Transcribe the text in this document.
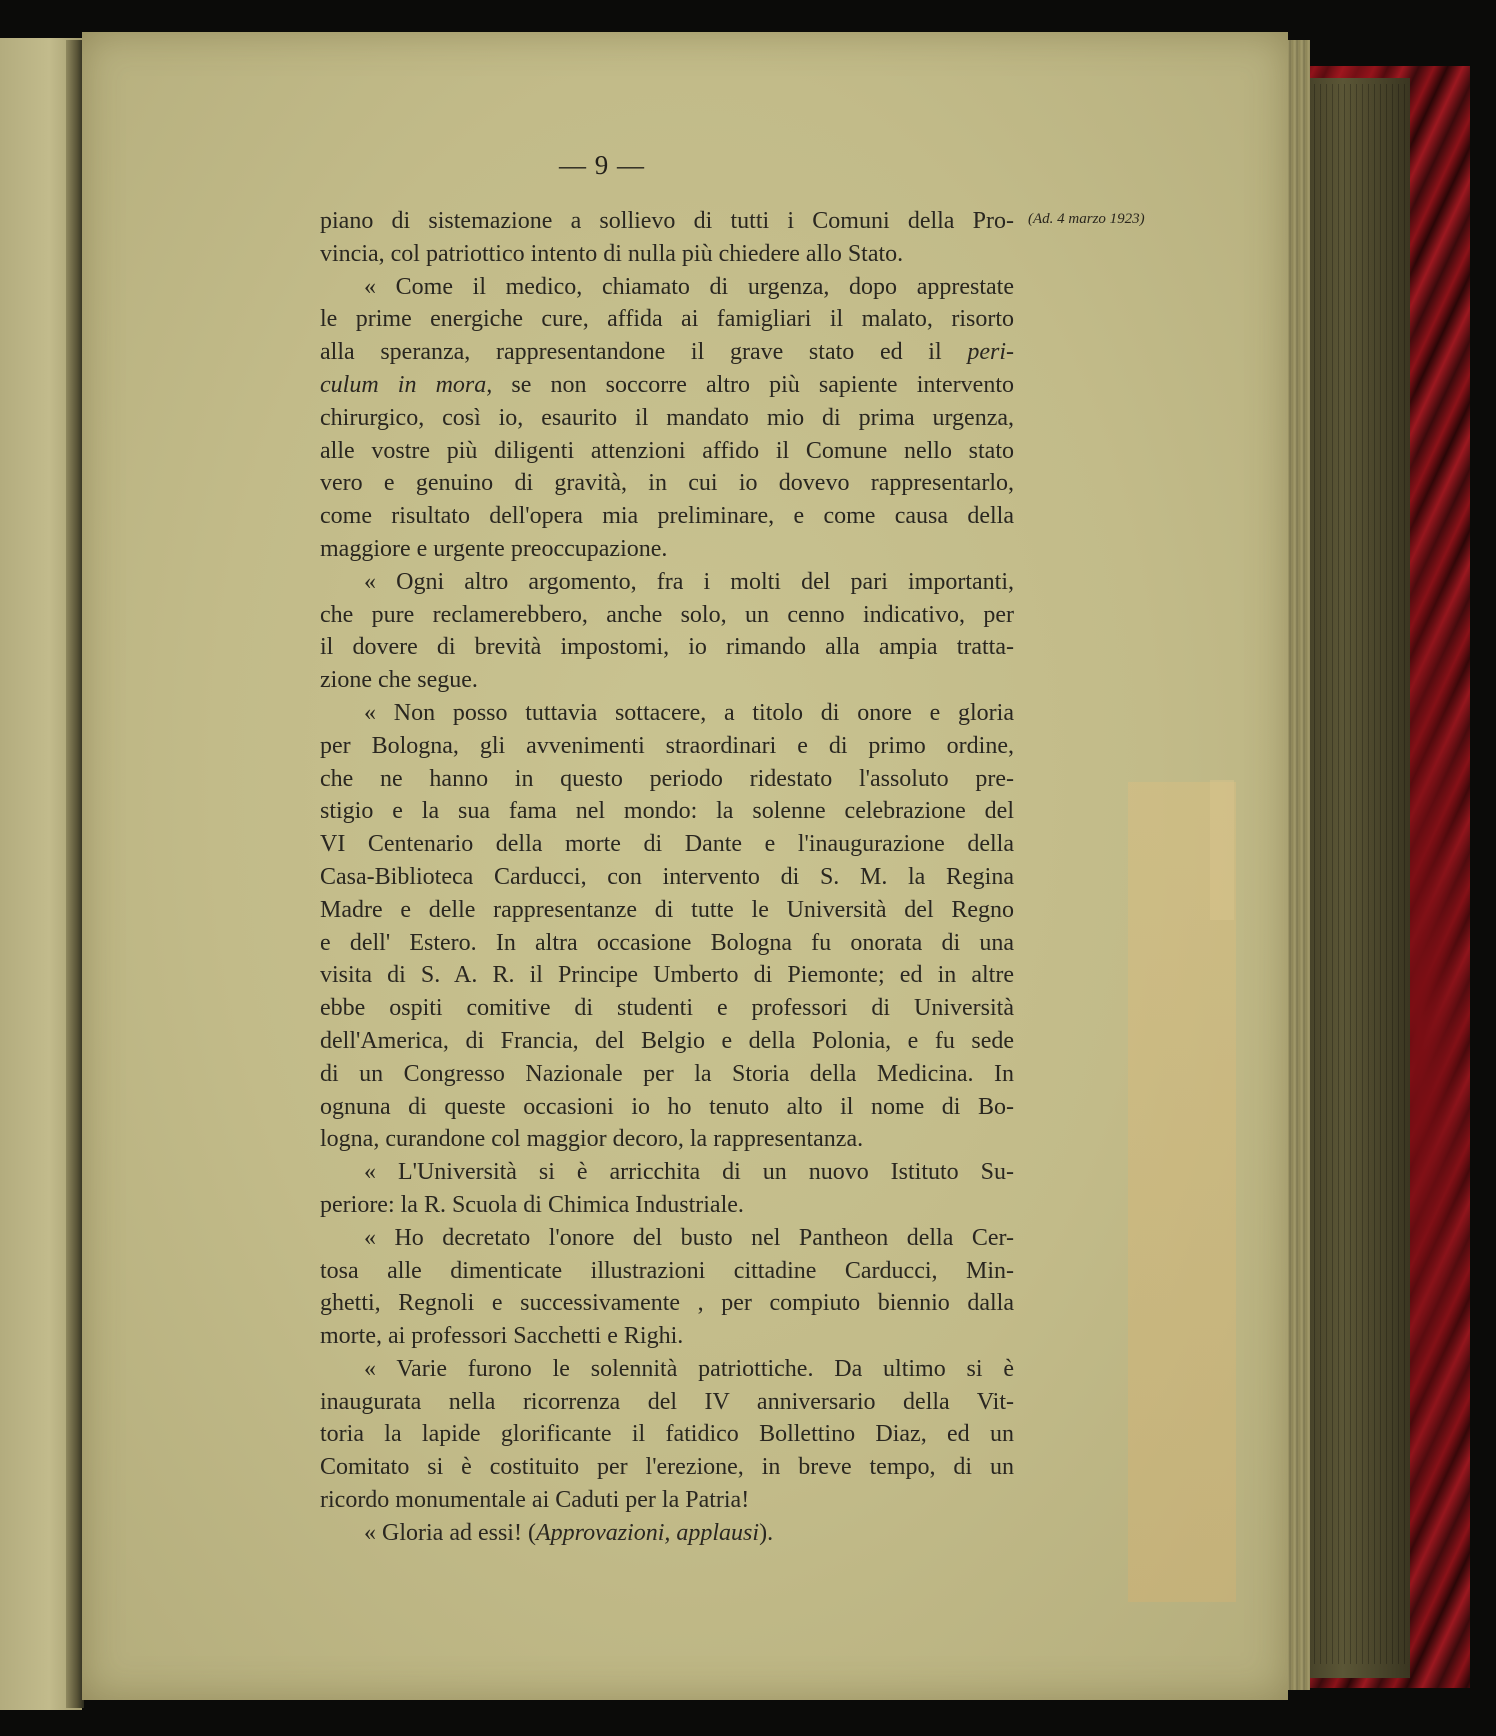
— 9 —
(Ad. 4 marzo 1923)
piano di sistemazione a sollievo di tutti i Comuni della Pro-
vincia, col patriottico intento di nulla più chiedere allo Stato.
« Come il medico, chiamato di urgenza, dopo apprestate
le prime energiche cure, affida ai famigliari il malato, risorto
alla speranza, rappresentandone il grave stato ed il peri-
culum in mora, se non soccorre altro più sapiente intervento
chirurgico, così io, esaurito il mandato mio di prima urgenza,
alle vostre più diligenti attenzioni affido il Comune nello stato
vero e genuino di gravità, in cui io dovevo rappresentarlo,
come risultato dell'opera mia preliminare, e come causa della
maggiore e urgente preoccupazione.
« Ogni altro argomento, fra i molti del pari importanti,
che pure reclamerebbero, anche solo, un cenno indicativo, per
il dovere di brevità impostomi, io rimando alla ampia tratta-
zione che segue.
« Non posso tuttavia sottacere, a titolo di onore e gloria
per Bologna, gli avvenimenti straordinari e di primo ordine,
che ne hanno in questo periodo ridestato l'assoluto pre-
stigio e la sua fama nel mondo: la solenne celebrazione del
VI Centenario della morte di Dante e l'inaugurazione della
Casa-Biblioteca Carducci, con intervento di S. M. la Regina
Madre e delle rappresentanze di tutte le Università del Regno
e dell' Estero. In altra occasione Bologna fu onorata di una
visita di S. A. R. il Principe Umberto di Piemonte; ed in altre
ebbe ospiti comitive di studenti e professori di Università
dell'America, di Francia, del Belgio e della Polonia, e fu sede
di un Congresso Nazionale per la Storia della Medicina. In
ognuna di queste occasioni io ho tenuto alto il nome di Bo-
logna, curandone col maggior decoro, la rappresentanza.
« L'Università si è arricchita di un nuovo Istituto Su-
periore: la R. Scuola di Chimica Industriale.
« Ho decretato l'onore del busto nel Pantheon della Cer-
tosa alle dimenticate illustrazioni cittadine Carducci, Min-
ghetti, Regnoli e successivamente , per compiuto biennio dalla
morte, ai professori Sacchetti e Righi.
« Varie furono le solennità patriottiche. Da ultimo si è
inaugurata nella ricorrenza del IV anniversario della Vit-
toria la lapide glorificante il fatidico Bollettino Diaz, ed un
Comitato si è costituito per l'erezione, in breve tempo, di un
ricordo monumentale ai Caduti per la Patria!
« Gloria ad essi! (Approvazioni, applausi).
